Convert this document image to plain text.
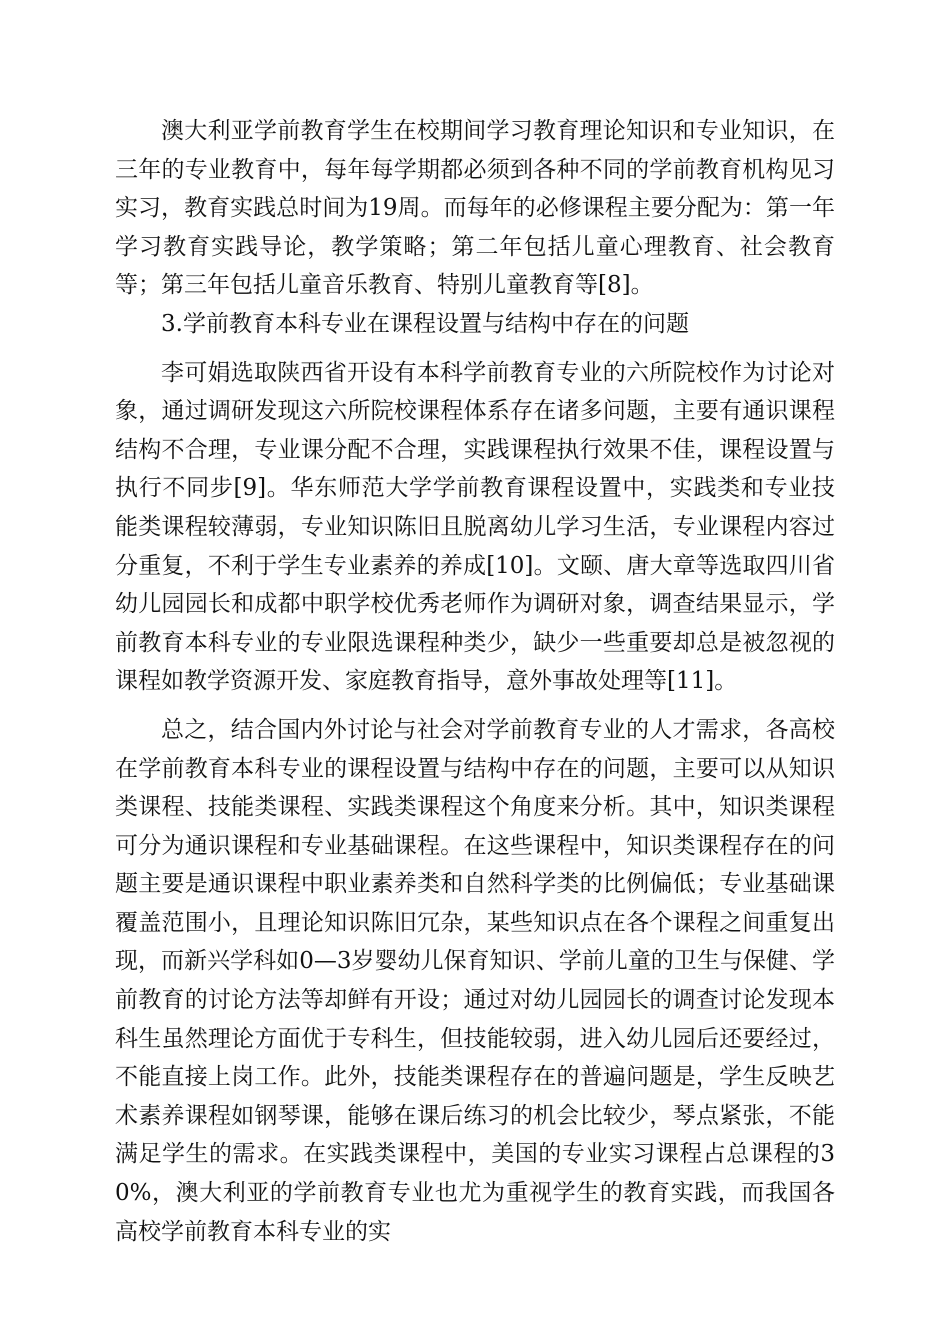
澳大利亚学前教育学生在校期间学习教育理论知识和专业知识，在三年的专业教育中，每年每学期都必须到各种不同的学前教育机构见习实习，教育实践总时间为19周。而每年的必修课程主要分配为：第一年学习教育实践导论，教学策略；第二年包括儿童心理教育、社会教育等；第三年包括儿童音乐教育、特别儿童教育等[8]。

3.学前教育本科专业在课程设置与结构中存在的问题

李可娟选取陕西省开设有本科学前教育专业的六所院校作为讨论对象，通过调研发现这六所院校课程体系存在诸多问题，主要有通识课程结构不合理，专业课分配不合理，实践课程执行效果不佳，课程设置与执行不同步[9]。华东师范大学学前教育课程设置中，实践类和专业技能类课程较薄弱，专业知识陈旧且脱离幼儿学习生活，专业课程内容过分重复，不利于学生专业素养的养成[10]。文颐、唐大章等选取四川省幼儿园园长和成都中职学校优秀老师作为调研对象，调查结果显示，学前教育本科专业的专业限选课程种类少，缺少一些重要却总是被忽视的课程如教学资源开发、家庭教育指导，意外事故处理等[11]。

总之，结合国内外讨论与社会对学前教育专业的人才需求，各高校在学前教育本科专业的课程设置与结构中存在的问题，主要可以从知识类课程、技能类课程、实践类课程这个角度来分析。其中，知识类课程可分为通识课程和专业基础课程。在这些课程中，知识类课程存在的问题主要是通识课程中职业素养类和自然科学类的比例偏低；专业基础课覆盖范围小，且理论知识陈旧冗杂，某些知识点在各个课程之间重复出现，而新兴学科如0—3岁婴幼儿保育知识、学前儿童的卫生与保健、学前教育的讨论方法等却鲜有开设；通过对幼儿园园长的调查讨论发现本科生虽然理论方面优于专科生，但技能较弱，进入幼儿园后还要经过，不能直接上岗工作。此外，技能类课程存在的普遍问题是，学生反映艺术素养课程如钢琴课，能够在课后练习的机会比较少，琴点紧张，不能满足学生的需求。在实践类课程中，美国的专业实习课程占总课程的30%，澳大利亚的学前教育专业也尤为重视学生的教育实践，而我国各高校学前教育本科专业的实
